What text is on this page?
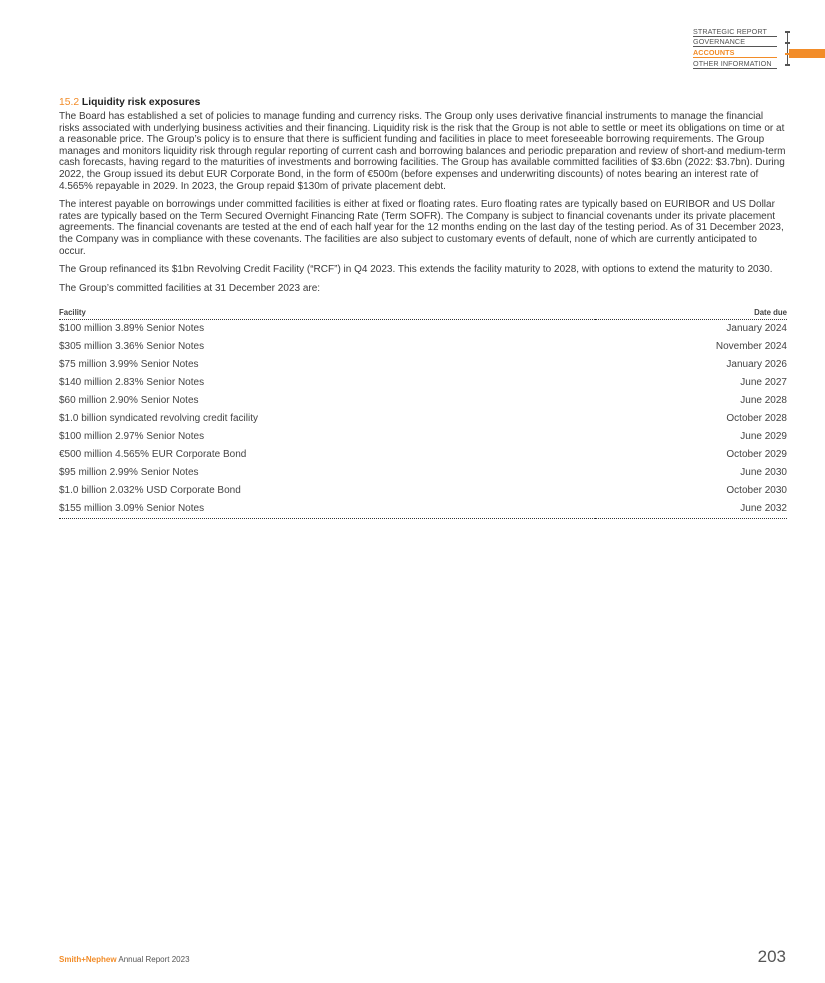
STRATEGIC REPORT
GOVERNANCE
ACCOUNTS
OTHER INFORMATION
15.2 Liquidity risk exposures

The Board has established a set of policies to manage funding and currency risks. The Group only uses derivative financial instruments to manage the financial risks associated with underlying business activities and their financing. Liquidity risk is the risk that the Group is not able to settle or meet its obligations on time or at a reasonable price. The Group’s policy is to ensure that there is sufficient funding and facilities in place to meet foreseeable borrowing requirements. The Group manages and monitors liquidity risk through regular reporting of current cash and borrowing balances and periodic preparation and review of short-and medium-term cash forecasts, having regard to the maturities of investments and borrowing facilities. The Group has available committed facilities of $3.6bn (2022: $3.7bn). During 2022, the Group issued its debut EUR Corporate Bond, in the form of €500m (before expenses and underwriting discounts) of notes bearing an interest rate of 4.565% repayable in 2029. In 2023, the Group repaid $130m of private placement debt.

The interest payable on borrowings under committed facilities is either at fixed or floating rates. Euro floating rates are typically based on EURIBOR and US Dollar rates are typically based on the Term Secured Overnight Financing Rate (Term SOFR). The Company is subject to financial covenants under its private placement agreements. The financial covenants are tested at the end of each half year for the 12 months ending on the last day of the testing period. As of 31 December 2023, the Company was in compliance with these covenants. The facilities are also subject to customary events of default, none of which are currently anticipated to occur.

The Group refinanced its $1bn Revolving Credit Facility (“RCF”) in Q4 2023. This extends the facility maturity to 2028, with options to extend the maturity to 2030.

The Group’s committed facilities at 31 December 2023 are:

Facility	Date due
$100 million 3.89% Senior Notes	January 2024
$305 million 3.36% Senior Notes	November 2024
$75 million 3.99% Senior Notes	January 2026
$140 million 2.83% Senior Notes	June 2027
$60 million 2.90% Senior Notes	June 2028
$1.0 billion syndicated revolving credit facility	October 2028
$100 million 2.97% Senior Notes	June 2029
€500 million 4.565% EUR Corporate Bond	October 2029
$95 million 2.99% Senior Notes	June 2030
$1.0 billion 2.032% USD Corporate Bond	October 2030
$155 million 3.09% Senior Notes	June 2032
Smith+Nephew Annual Report 2023	203
